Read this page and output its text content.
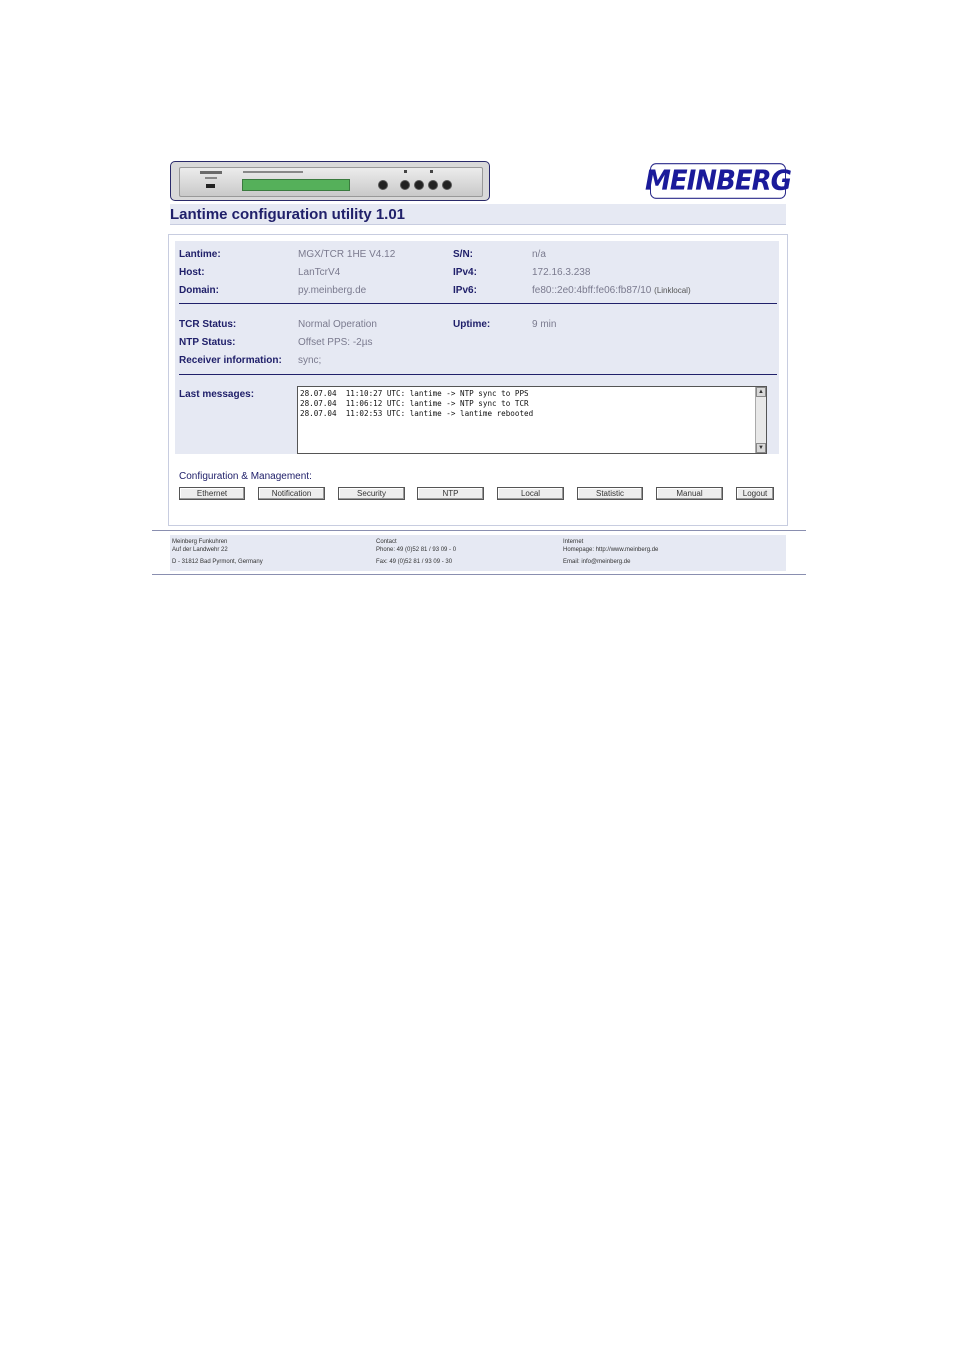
MEINBERG
Lantime configuration utility 1.01
Lantime:	MGX/TCR 1HE V4.12	S/N:	n/a
Host:	LanTcrV4	IPv4:	172.16.3.238
Domain:	py.meinberg.de	IPv6:	fe80::2e0:4bff:fe06:fb87/10 (Linklocal)
TCR Status:	Normal Operation	Uptime:	9 min
NTP Status:	Offset PPS: -2µs
Receiver information: sync;
Last messages:	28.07.04  11:10:27 UTC: lantime -> NTP sync to PPS
28.07.04  11:06:12 UTC: lantime -> NTP sync to TCR
28.07.04  11:02:53 UTC: lantime -> lantime rebooted
▲
▼
Configuration & Management:
Ethernet	Notification	Security	NTP	Local	Statistic	Manual	Logout
Meinberg Funkuhren
Auf der Landwehr 22
D - 31812 Bad Pyrmont, Germany
Contact
Phone: 49 (0)52 81 / 93 09 - 0
Fax: 49 (0)52 81 / 93 09 - 30
Internet
Homepage: http://www.meinberg.de
Email: info@meinberg.de
